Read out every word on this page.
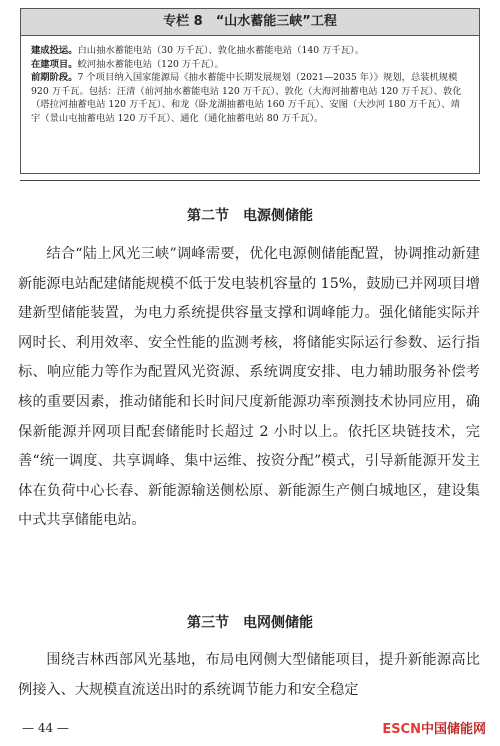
专栏 8　“山水蓄能三峡”工程

建成投运。白山抽水蓄能电站（30 万千瓦）、敦化抽水蓄能电站（140 万千瓦）。

在建项目。蛟河抽水蓄能电站（120 万千瓦）。

前期阶段。7 个项目纳入国家能源局《抽水蓄能中长期发展规划（2021—2035 年）》规划，总装机规模 920 万千瓦。包括：汪清（前河抽水蓄能电站 120 万千瓦）、敦化（大海河抽蓄电站 120 万千瓦）、敦化（塔拉河抽蓄电站 120 万千瓦）、和龙（卧龙湖抽蓄电站 160 万千瓦）、安图（大沙河 180 万千瓦）、靖宇（景山屯抽蓄电站 120 万千瓦）、通化（通化抽蓄电站 80 万千瓦）。

第二节　电源侧储能

结合“陆上风光三峡”调峰需要，优化电源侧储能配置，协调推动新建新能源电站配建储能规模不低于发电装机容量的 15%，鼓励已并网项目增建新型储能装置，为电力系统提供容量支撑和调峰能力。强化储能实际并网时长、利用效率、安全性能的监测考核，将储能实际运行参数、运行指标、响应能力等作为配置风光资源、系统调度安排、电力辅助服务补偿考核的重要因素，推动储能和长时间尺度新能源功率预测技术协同应用，确保新能源并网项目配套储能时长超过 2 小时以上。依托区块链技术，完善“统一调度、共享调峰、集中运维、按资分配”模式，引导新能源开发主体在负荷中心长春、新能源输送侧松原、新能源生产侧白城地区，建设集中式共享储能电站。

第三节　电网侧储能

围绕吉林西部风光基地，布局电网侧大型储能项目，提升新能源高比例接入、大规模直流送出时的系统调节能力和安全稳定

— 44 —	ESCN中国储能网
